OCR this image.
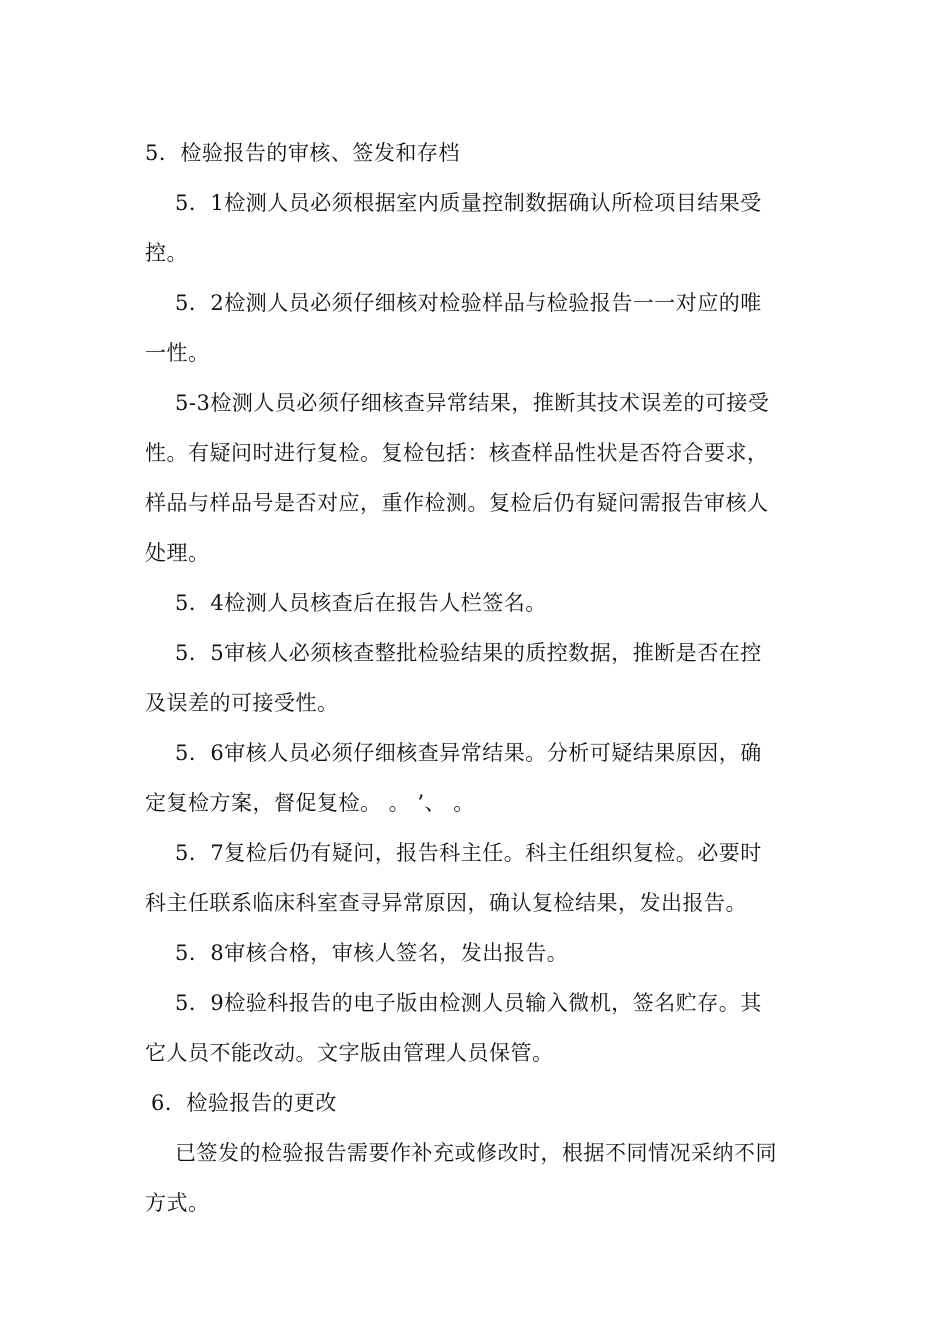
5．检验报告的审核、签发和存档
5．1检测人员必须根据室内质量控制数据确认所检项目结果受
控。
5．2检测人员必须仔细核对检验样品与检验报告一一对应的唯
一性。
5-3检测人员必须仔细核查异常结果，推断其技术误差的可接受
性。有疑问时进行复检。复检包括：核查样品性状是否符合要求，
样品与样品号是否对应，重作检测。复检后仍有疑问需报告审核人
处理。
5．4检测人员核查后在报告人栏签名。
5．5审核人必须核查整批检验结果的质控数据，推断是否在控
及误差的可接受性。
5．6审核人员必须仔细核查异常结果。分析可疑结果原因，确
定复检方案，督促复检。 。 ’、 。
5．7复检后仍有疑问，报告科主任。科主任组织复检。必要时
科主任联系临床科室查寻异常原因，确认复检结果，发出报告。
5．8审核合格，审核人签名，发出报告。
5．9检验科报告的电子版由检测人员输入微机，签名贮存。其
它人员不能改动。文字版由管理人员保管。
6．检验报告的更改
已签发的检验报告需要作补充或修改时，根据不同情况采纳不同
方式。
